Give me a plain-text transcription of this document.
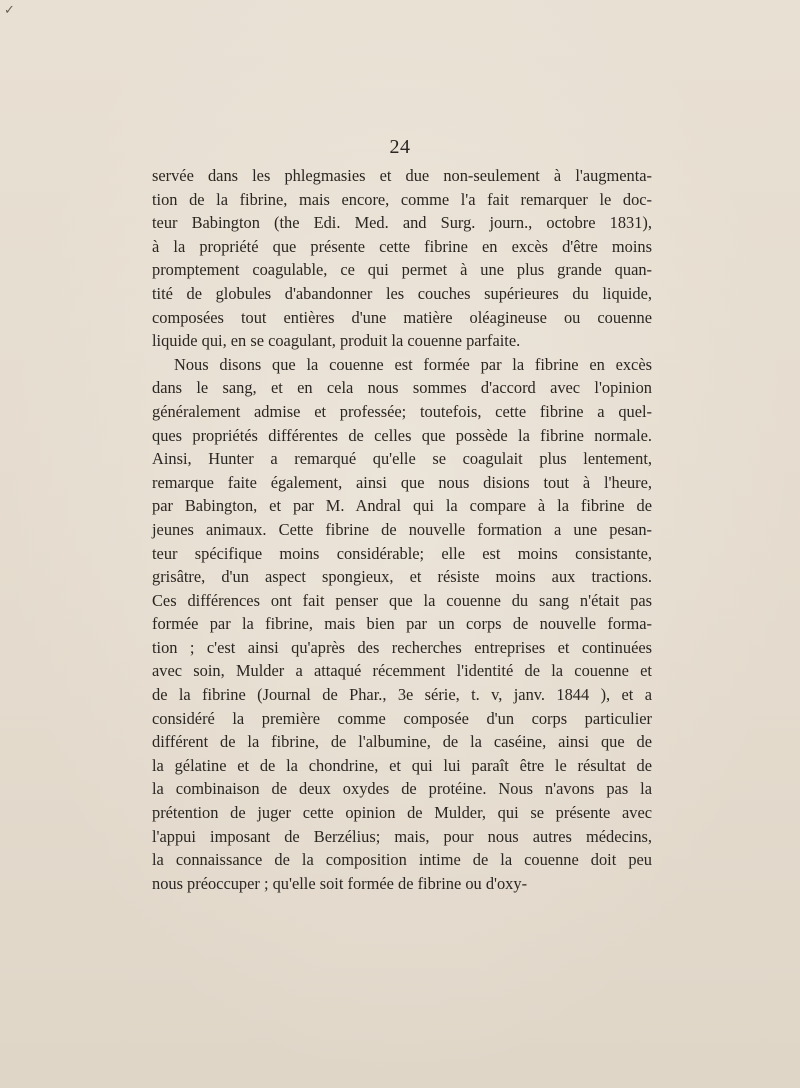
✓
24
servée dans les phlegmasies et due non-seulement à l'augmenta-
tion de la fibrine, mais encore, comme l'a fait remarquer le doc-
teur Babington (the Edi. Med. and Surg. journ., octobre 1831),
à la propriété que présente cette fibrine en excès d'être moins
promptement coagulable, ce qui permet à une plus grande quan-
tité de globules d'abandonner les couches supérieures du liquide,
composées tout entières d'une matière oléagineuse ou couenne
liquide qui, en se coagulant, produit la couenne parfaite.
Nous disons que la couenne est formée par la fibrine en excès
dans le sang, et en cela nous sommes d'accord avec l'opinion
généralement admise et professée; toutefois, cette fibrine a quel-
ques propriétés différentes de celles que possède la fibrine normale.
Ainsi, Hunter a remarqué qu'elle se coagulait plus lentement,
remarque faite également, ainsi que nous disions tout à l'heure,
par Babington, et par M. Andral qui la compare à la fibrine de
jeunes animaux. Cette fibrine de nouvelle formation a une pesan-
teur spécifique moins considérable; elle est moins consistante,
grisâtre, d'un aspect spongieux, et résiste moins aux tractions.
Ces différences ont fait penser que la couenne du sang n'était pas
formée par la fibrine, mais bien par un corps de nouvelle forma-
tion ; c'est ainsi qu'après des recherches entreprises et continuées
avec soin, Mulder a attaqué récemment l'identité de la couenne et
de la fibrine (Journal de Phar., 3e série, t. v, janv. 1844 ), et a
considéré la première comme composée d'un corps particulier
différent de la fibrine, de l'albumine, de la caséine, ainsi que de
la gélatine et de la chondrine, et qui lui paraît être le résultat de
la combinaison de deux oxydes de protéine. Nous n'avons pas la
prétention de juger cette opinion de Mulder, qui se présente avec
l'appui imposant de Berzélius; mais, pour nous autres médecins,
la connaissance de la composition intime de la couenne doit peu
nous préoccuper ; qu'elle soit formée de fibrine ou d'oxy-
